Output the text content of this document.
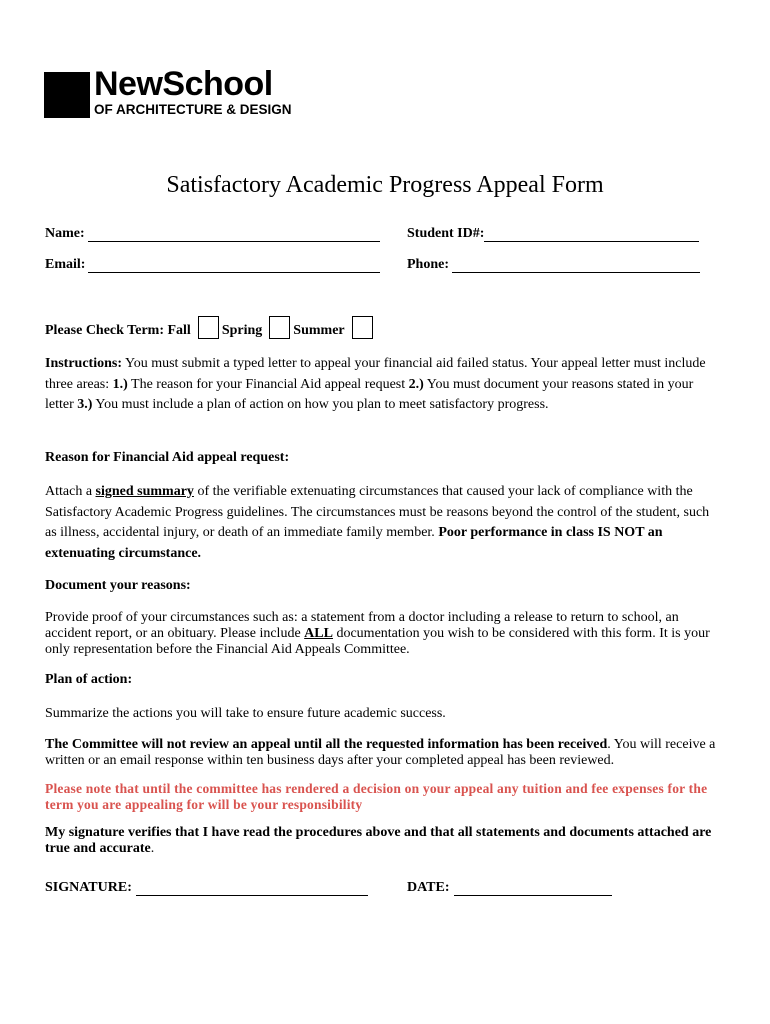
NewSchool
OF ARCHITECTURE & DESIGN
Satisfactory Academic Progress Appeal Form
Name:	Student ID#:
Email:	Phone:
Please Check Term: Fall Spring Summer
Instructions: You must submit a typed letter to appeal your financial aid failed status. Your appeal letter must include three areas: 1.) The reason for your Financial Aid appeal request 2.) You must document your reasons stated in your letter 3.) You must include a plan of action on how you plan to meet satisfactory progress.
Reason for Financial Aid appeal request:
Attach a signed summary of the verifiable extenuating circumstances that caused your lack of compliance with the Satisfactory Academic Progress guidelines. The circumstances must be reasons beyond the control of the student, such as illness, accidental injury, or death of an immediate family member. Poor performance in class IS NOT an extenuating circumstance.
Document your reasons:
Provide proof of your circumstances such as: a statement from a doctor including a release to return to school, an accident report, or an obituary. Please include ALL documentation you wish to be considered with this form. It is your only representation before the Financial Aid Appeals Committee.
Plan of action:
Summarize the actions you will take to ensure future academic success.
The Committee will not review an appeal until all the requested information has been received. You will receive a written or an email response within ten business days after your completed appeal has been reviewed.
Please note that until the committee has rendered a decision on your appeal any tuition and fee expenses for the term you are appealing for will be your responsibility
My signature verifies that I have read the procedures above and that all statements and documents attached are true and accurate.
SIGNATURE:	DATE:
